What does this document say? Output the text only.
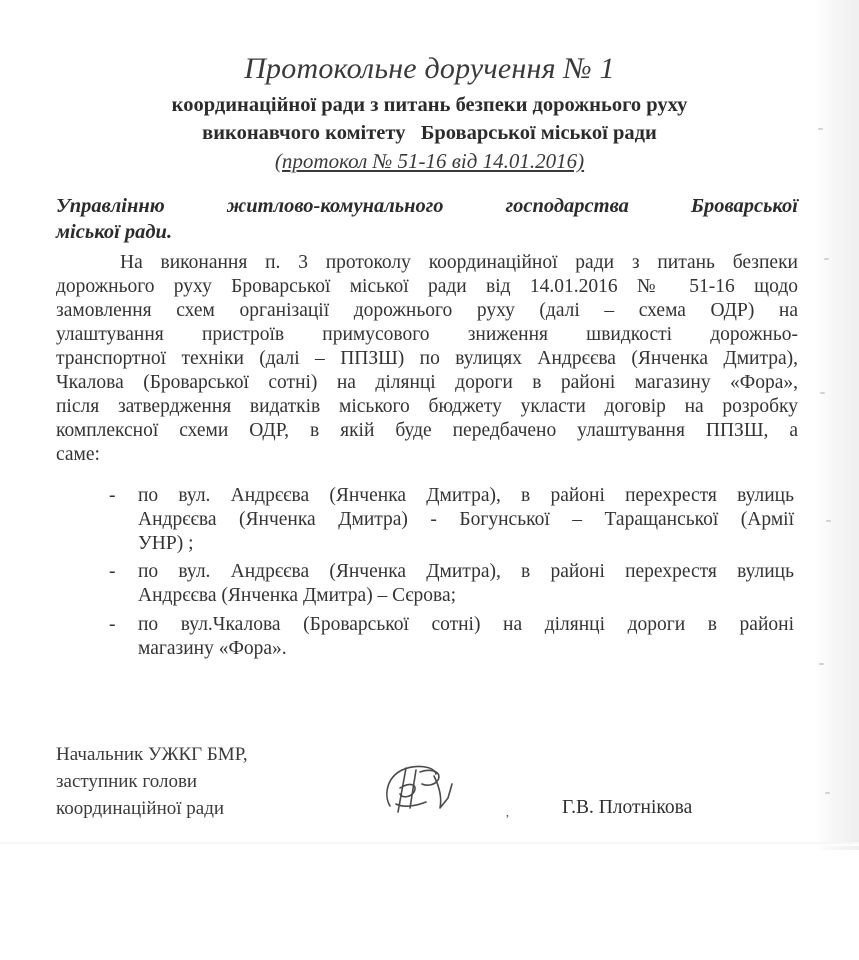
Протокольне доручення № 1
координаційної ради з питань безпеки дорожнього руху
виконавчого комітету   Броварської міської ради
(протокол № 51-16 від 14.01.2016)
Управлінню житлово-комунального господарства Броварської
міської ради.
На виконання п. 3 протоколу координаційної ради з питань безпеки
дорожнього руху Броварської міської ради від 14.01.2016 № 51-16 щодо
замовлення схем організації дорожнього руху (далі – схема ОДР) на
улаштування пристроїв примусового зниження швидкості дорожньо-
транспортної техніки (далі – ППЗШ) по вулицях Андрєєва (Янченка Дмитра),
Чкалова (Броварської сотні) на ділянці дороги в районі магазину «Фора»,
після затвердження видатків міського бюджету укласти договір на розробку
комплексної схеми ОДР, в якій буде передбачено улаштування ППЗШ, а
саме:
- по вул. Андрєєва (Янченка Дмитра), в районі перехрестя вулиць
Андрєєва (Янченка Дмитра) - Богунської – Таращанської (Армії
УНР) ;
- по вул. Андрєєва (Янченка Дмитра), в районі перехрестя вулиць
Андрєєва (Янченка Дмитра) – Сєрова;
- по вул.Чкалова (Броварської сотні) на ділянці дороги в районі
магазину «Фора».
Начальник УЖКГ БМР,
заступник голови
координаційної ради	,	Г.В. Плотнікова
